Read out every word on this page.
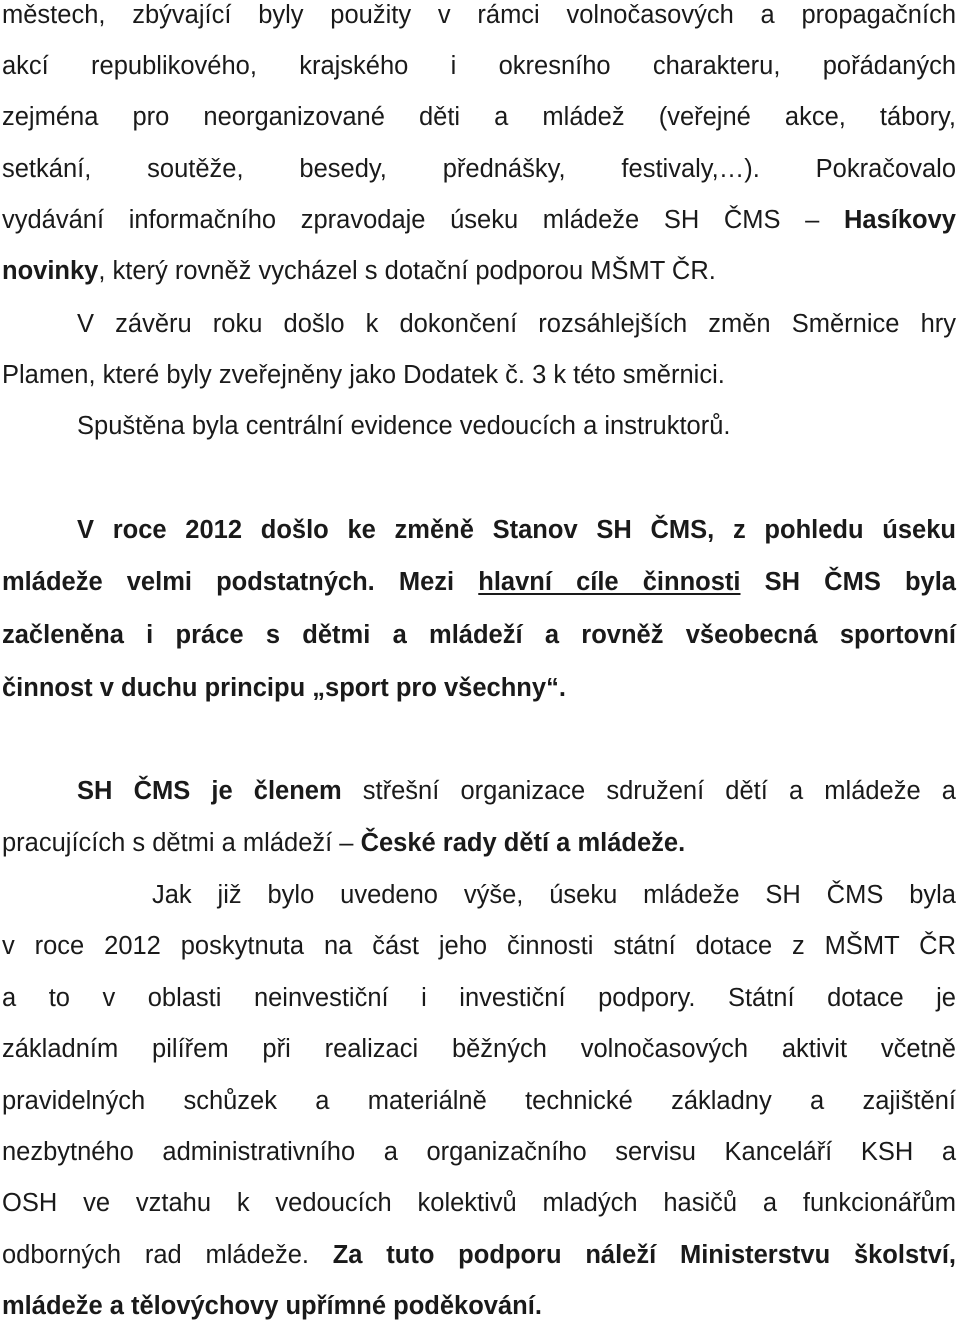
městech, zbývající byly použity v rámci volnočasových a propagačních
akcí republikového, krajského i okresního charakteru, pořádaných
zejména pro neorganizované děti a mládež (veřejné akce, tábory,
setkání, soutěže, besedy, přednášky, festivaly,…). Pokračovalo
vydávání informačního zpravodaje úseku mládeže SH ČMS – Hasíkovy
novinky, který rovněž vycházel s dotační podporou MŠMT ČR.
V závěru roku došlo k dokončení rozsáhlejších změn Směrnice hry
Plamen, které byly zveřejněny jako Dodatek č. 3 k této směrnici.
Spuštěna byla centrální evidence vedoucích a instruktorů.
V roce 2012 došlo ke změně Stanov SH ČMS, z pohledu úseku
mládeže velmi podstatných. Mezi hlavní cíle činnosti SH ČMS byla
začleněna i práce s dětmi a mládeží a rovněž všeobecná sportovní
činnost v duchu principu „sport pro všechny“.
SH ČMS je členem střešní organizace sdružení dětí a mládeže a
pracujících s dětmi a mládeží – České rady dětí a mládeže.
Jak již bylo uvedeno výše, úseku mládeže SH ČMS byla
v roce 2012 poskytnuta na část jeho činnosti státní dotace z MŠMT ČR
a to v oblasti neinvestiční i investiční podpory. Státní dotace je
základním pilířem při realizaci běžných volnočasových aktivit včetně
pravidelných schůzek a materiálně technické základny a zajištění
nezbytného administrativního a organizačního servisu Kanceláří KSH a
OSH ve vztahu k vedoucích kolektivů mladých hasičů a funkcionářům
odborných rad mládeže. Za tuto podporu náleží Ministerstvu školství,
mládeže a tělovýchovy upřímné poděkování.
